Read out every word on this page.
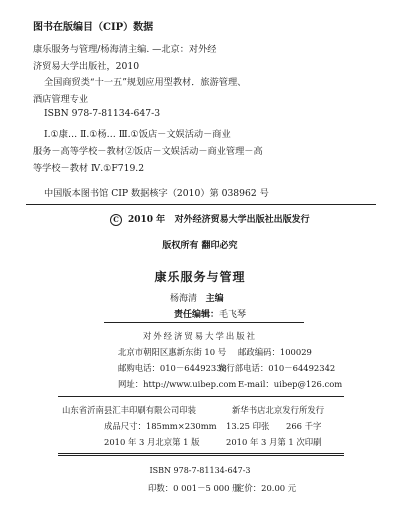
图书在版编目（CIP）数据

康乐服务与管理/杨海清主编. —北京：对外经

济贸易大学出版社，2010

全国商贸类“十一五”规划应用型教材．旅游管理、

酒店管理专业

ISBN 978-7-81134-647-3

Ⅰ.①康… Ⅱ.①杨… Ⅲ.①饭店－文娱活动－商业

服务－高等学校－教材②饭店－文娱活动－商业管理－高

等学校－教材 Ⅳ.①F719.2

中国版本图书馆 CIP 数据核字（2010）第 038962 号

C 2010 年 对外经济贸易大学出版社出版发行
版权所有 翻印必究
康乐服务与管理
杨海清 主编
责任编辑：毛飞琴
对外经济贸易大学出版社
北京市朝阳区惠新东街 10 号 邮政编码：100029
邮购电话：010－64492338
发行部电话：010－64492342
网址：http://www.uibep.com E-mail：uibep@126.com
山东省沂南县汇丰印刷有限公司印装	新华书店北京发行所发行
成品尺寸：185mm×230mm 13.25 印张 266 千字
2010 年 3 月北京第 1 版	2010 年 3 月第 1 次印刷
ISBN 978-7-81134-647-3
印数：0 001－5 000 册
定价：20.00 元
